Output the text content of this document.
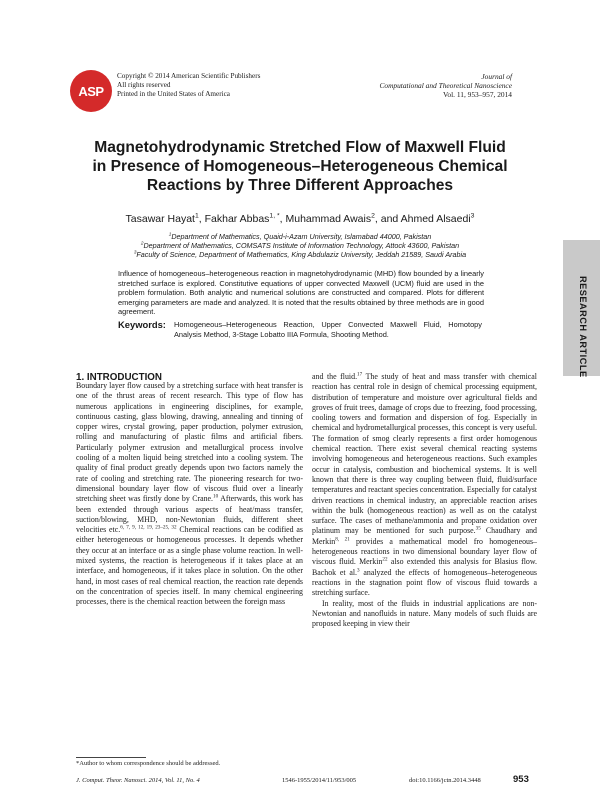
ASP
Copyright © 2014 American Scientific Publishers
All rights reserved
Printed in the United States of America
Journal of
Computational and Theoretical Nanoscience
Vol. 11, 953–957, 2014
Magnetohydrodynamic Stretched Flow of Maxwell Fluid
in Presence of Homogeneous–Heterogeneous Chemical
Reactions by Three Different Approaches
Tasawar Hayat$^1$, Fakhar Abbas$^{1, *}$, Muhammad Awais$^2$, and Ahmed Alsaedi$^3$
$^1$Department of Mathematics, Quaid-i-Azam University, Islamabad 44000, Pakistan
$^2$Department of Mathematics, COMSATS Institute of Information Technology, Attock 43600, Pakistan
$^3$Faculty of Science, Department of Mathematics, King Abdulaziz University, Jeddah 21589, Saudi Arabia
Influence of homogeneous–heterogeneous reaction in magnetohydrodynamic (MHD) flow bounded by a linearly stretched surface is explored. Constitutive equations of upper convected Maxwell (UCM) fluid are used in the problem formulation. Both analytic and numerical solutions are constructed and compared. Plots for different emerging parameters are made and analyzed. It is noted that the results obtained by three methods are in good agreement.
Keywords: Homogeneous–Heterogeneous Reaction, Upper Convected Maxwell Fluid, Homotopy Analysis Method, 3-Stage Lobatto IIIA Formula, Shooting Method.	RESEARCH ARTICLE
1. INTRODUCTION

Boundary layer flow caused by a stretching surface with heat transfer is one of the thrust areas of recent research. This type of flow has numerous applications in engineering disciplines, for example, continuous casting, glass blowing, drawing, annealing and tinning of copper wires, crystal growing, paper production, polymer extrusion, rolling and manufacturing of plastic films and artificial fibers. Particularly polymer extrusion and metallurgical process involve cooling of a molten liquid being stretched into a cooling system. The quality of final product greatly depends upon two factors namely the rate of cooling and stretching rate. The pioneering research for two-dimensional boundary layer flow of viscous fluid over a linearly stretching sheet was firstly done by Crane.$^{10}$ Afterwards, this work has been extended through various aspects of heat/mass transfer, suction/blowing, MHD, non-Newtonian fluids, different sheet velocities etc.$^{6, 7, 9, 12, 19, 23-25, 32}$ Chemical reactions can be codified as either heterogeneous or homogeneous processes. It depends whether they occur at an interface or as a single phase volume reaction. In well-mixed systems, the reaction is heterogeneous if it takes place at an interface, and homogeneous, if it takes place in solution. On the other hand, in most cases of real chemical reaction, the reaction rate depends on the concentration of species itself. In many chemical engineering processes, there is the chemical reaction between the foreign mass

and the fluid.$^{17}$ The study of heat and mass transfer with chemical reaction has central role in design of chemical processing equipment, distribution of temperature and moisture over agricultural fields and groves of fruit trees, damage of crops due to freezing, food processing, cooling towers and formation and dispersion of fog. Especially in chemical and hydrometallurgical processes, this concept is very useful. The formation of smog clearly represents a first order homogenous chemical reaction. There exist several chemical reacting systems involving homogeneous and heterogeneous reactions. Such examples occur in catalysis, combustion and biochemical systems. It is well known that there is three way coupling between fluid, fluid/surface temperatures and reactant species concentration. Especially for catalyst driven reactions in chemical industry, an appreciable reaction arises within the bulk (homogeneous reaction) as well as on the catalyst surface. The cases of methane/ammonia and propane oxidation over platinum may be mentioned for such purpose.$^{35}$ Chaudhary and Merkin$^{8, 21}$ provides a mathematical model fro homogeneous–heterogeneous reactions in two dimensional boundary layer flow of viscous fluid. Merkin$^{22}$ also extended this analysis for Blasius flow. Bachok et al.$^3$ analyzed the effects of homogeneous–heterogeneous reactions in the stagnation point flow of viscous fluid towards a stretching surface.

In reality, most of the fluids in industrial applications are non-Newtonian and nanofluids in nature. Many models of such fluids are proposed keeping in view their

*Author to whom correspondence should be addressed.
J. Comput. Theor. Nanosci. 2014, Vol. 11, No. 4	1546-1955/2014/11/953/005	doi:10.1166/jctn.2014.3448	953
